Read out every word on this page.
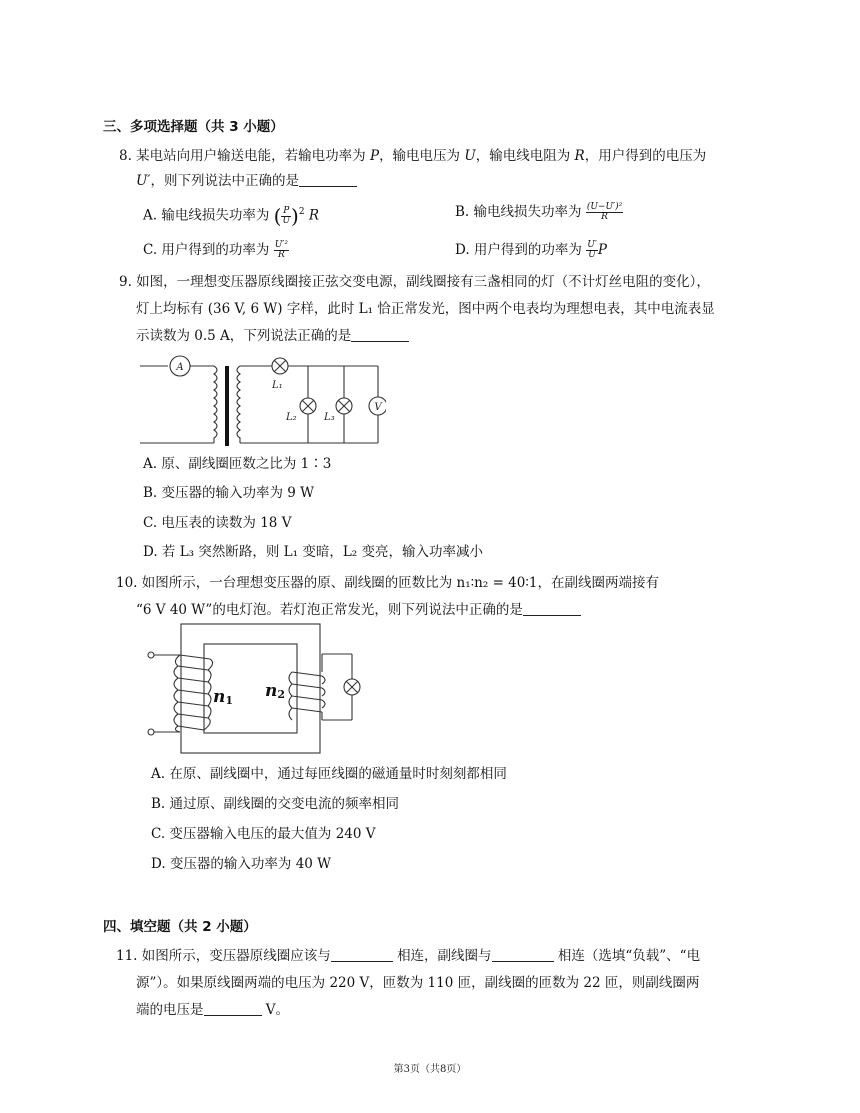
三、多项选择题（共 3 小题）
8. 某电站向用户输送电能，若输电功率为 P，输电电压为 U，输电线电阻为 R，用户得到的电压为
U′，则下列说法中正确的是
A. 输电线损失功率为 ( $\frac{P}{U} )^2$ R	B. 输电线损失功率为 $\frac{\text{(U−U′)²}}{R}$
C. 用户得到的功率为 $\frac{\text{U′²}}{R}$	D. 用户得到的功率为 $\frac{U'}{U}$ P
9. 如图，一理想变压器原线圈接正弦交变电源，副线圈接有三盏相同的灯（不计灯丝电阻的变化），
灯上均标有 (36 V, 6 W) 字样，此时 L₁ 恰正常发光，图中两个电表均为理想电表，其中电流表显
示读数为 0.5 A，下列说法正确的是
A
V
L₁
L₂	L₃
A. 原、副线圈匝数之比为 1∶3
B. 变压器的输入功率为 9 W
C. 电压表的读数为 18 V
D. 若 L₃ 突然断路，则 L₁ 变暗，L₂ 变亮，输入功率减小
10. 如图所示，一台理想变压器的原、副线圈的匝数比为 n₁∶n₂ = 40∶1，在副线圈两端接有
“6 V 40 W”的电灯泡。若灯泡正常发光，则下列说法中正确的是
n1 n2
A. 在原、副线圈中，通过每匝线圈的磁通量时时刻刻都相同
B. 通过原、副线圈的交变电流的频率相同
C. 变压器输入电压的最大值为 240 V
D. 变压器的输入功率为 40 W
四、填空题（共 2 小题）
11. 如图所示，变压器原线圈应该与	相连，副线圈与	相连（选填“负载”、“电
源”）。如果原线圈两端的电压为 220 V，匝数为 110 匝，副线圈的匝数为 22 匝，则副线圈两
端的电压是	V。
第3页（共8页）
